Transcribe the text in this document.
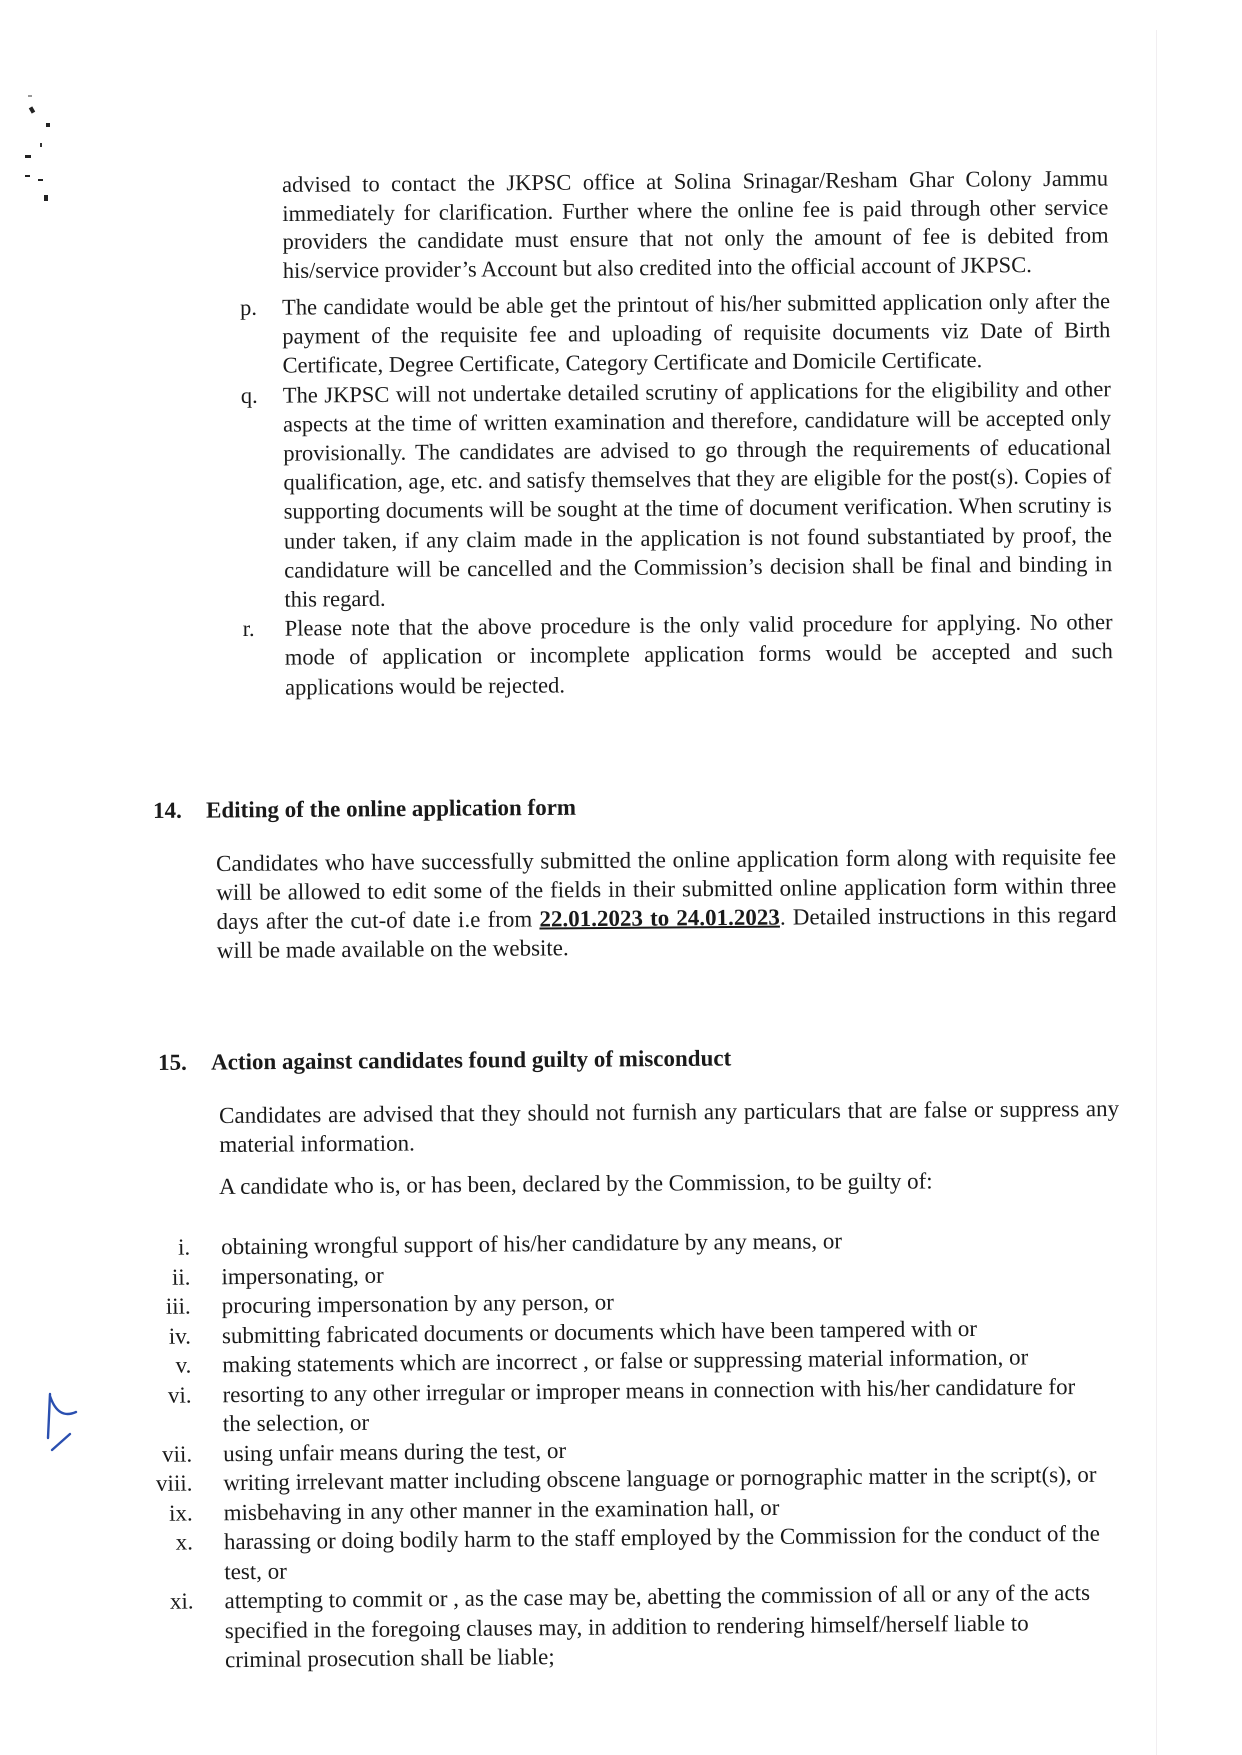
advised to contact the JKPSC office at Solina Srinagar/Resham Ghar Colony Jammu immediately for clarification. Further where the online fee is paid through other service providers the candidate must ensure that not only the amount of fee is debited from his/service provider’s Account but also credited into the official account of JKPSC.

p.	The candidate would be able get the printout of his/her submitted application only after the payment of the requisite fee and uploading of requisite documents viz Date of Birth Certificate, Degree Certificate, Category Certificate and Domicile Certificate.
q.	The JKPSC will not undertake detailed scrutiny of applications for the eligibility and other aspects at the time of written examination and therefore, candidature will be accepted only provisionally. The candidates are advised to go through the requirements of educational qualification, age, etc. and satisfy themselves that they are eligible for the post(s). Copies of supporting documents will be sought at the time of document verification. When scrutiny is under taken, if any claim made in the application is not found substantiated by proof, the candidature will be cancelled and the Commission’s decision shall be final and binding in this regard.
r.	Please note that the above procedure is the only valid procedure for applying. No other mode of application or incomplete application forms would be accepted and such applications would be rejected.
14.	Editing of the online application form
Candidates who have successfully submitted the online application form along with requisite fee will be allowed to edit some of the fields in their submitted online application form within three days after the cut-of date i.e from 22.01.2023 to 24.01.2023. Detailed instructions in this regard will be made available on the website.
15.	Action against candidates found guilty of misconduct
Candidates are advised that they should not furnish any particulars that are false or suppress any material information.
A candidate who is, or has been, declared by the Commission, to be guilty of:
i.	obtaining wrongful support of his/her candidature by any means, or
ii.	impersonating, or
iii.	procuring impersonation by any person, or
iv.	submitting fabricated documents or documents which have been tampered with or
v.	making statements which are incorrect , or false or suppressing material information, or
vi.	resorting to any other irregular or improper means in connection with his/her candidature for the selection, or
vii.	using unfair means during the test, or
viii.	writing irrelevant matter including obscene language or pornographic matter in the script(s), or
ix.	misbehaving in any other manner in the examination hall, or
x.	harassing or doing bodily harm to the staff employed by the Commission for the conduct of the test, or
xi.	attempting to commit or , as the case may be, abetting the commission of all or any of the acts specified in the foregoing clauses may, in addition to rendering himself/herself liable to criminal prosecution shall be liable;
